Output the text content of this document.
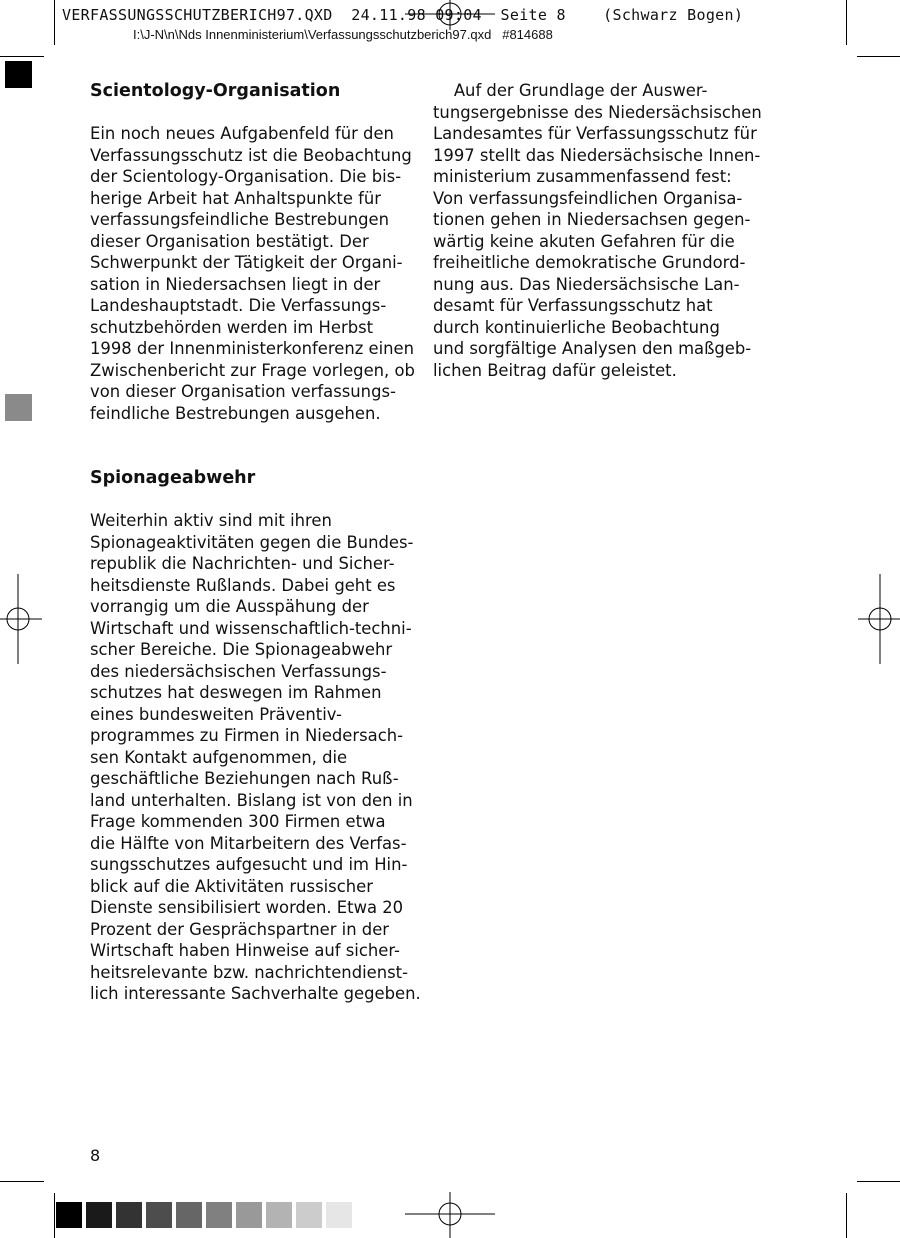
VERFASSUNGSSCHUTZBERICH97.QXD  24.11.98 09:04  Seite 8    (Schwarz Bogen)
I:\J-N\n\Nds Innenministerium\Verfassungsschutzberich97.qxd   #814688
Scientology-Organisation

Ein noch neues Aufgabenfeld für den
Verfassungsschutz ist die Beobachtung
der Scientology-Organisation. Die bis-
herige Arbeit hat Anhaltspunkte für
verfassungsfeindliche Bestrebungen
dieser Organisation bestätigt. Der
Schwerpunkt der Tätigkeit der Organi-
sation in Niedersachsen liegt in der
Landeshauptstadt. Die Verfassungs-
schutzbehörden werden im Herbst
1998 der Innenministerkonferenz einen
Zwischenbericht zur Frage vorlegen, ob
von dieser Organisation verfassungs-
feindliche Bestrebungen ausgehen.

Spionageabwehr

Weiterhin aktiv sind mit ihren
Spionageaktivitäten gegen die Bundes-
republik die Nachrichten- und Sicher-
heitsdienste Rußlands. Dabei geht es
vorrangig um die Ausspähung der
Wirtschaft und wissenschaftlich-techni-
scher Bereiche. Die Spionageabwehr
des niedersächsischen Verfassungs-
schutzes hat deswegen im Rahmen
eines bundesweiten Präventiv-
programmes zu Firmen in Niedersach-
sen Kontakt aufgenommen, die
geschäftliche Beziehungen nach Ruß-
land unterhalten. Bislang ist von den in
Frage kommenden 300 Firmen etwa
die Hälfte von Mitarbeitern des Verfas-
sungsschutzes aufgesucht und im Hin-
blick auf die Aktivitäten russischer
Dienste sensibilisiert worden. Etwa 20
Prozent der Gesprächspartner in der
Wirtschaft haben Hinweise auf sicher-
heitsrelevante bzw. nachrichtendienst-
lich interessante Sachverhalte gegeben.

Auf der Grundlage der Auswer-
tungsergebnisse des Niedersächsischen
Landesamtes für Verfassungsschutz für
1997 stellt das Niedersächsische Innen-
ministerium zusammenfassend fest:
Von verfassungsfeindlichen Organisa-
tionen gehen in Niedersachsen gegen-
wärtig keine akuten Gefahren für die
freiheitliche demokratische Grundord-
nung aus. Das Niedersächsische Lan-
desamt für Verfassungsschutz hat
durch kontinuierliche Beobachtung
und sorgfältige Analysen den maßgeb-
lichen Beitrag dafür geleistet.

8
